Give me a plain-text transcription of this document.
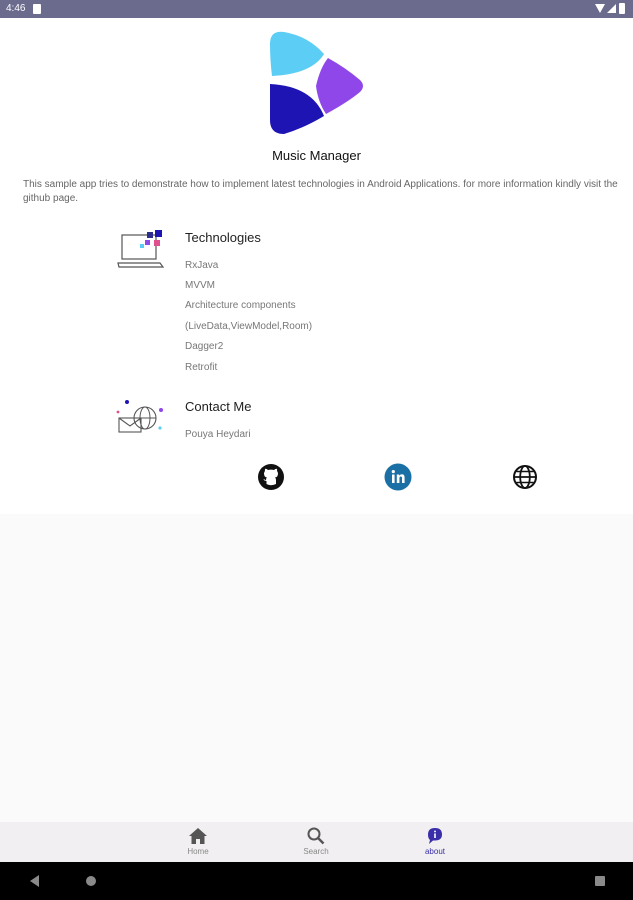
4:46
Music Manager
This sample app tries to demonstrate how to implement latest technologies in Android Applications. for more information kindly visit the github page.
Technologies
RxJava
MVVM
Architecture components
(LiveData,ViewModel,Room)
Dagger2
Retrofit
Contact Me
Pouya Heydari
Home	Search	about
